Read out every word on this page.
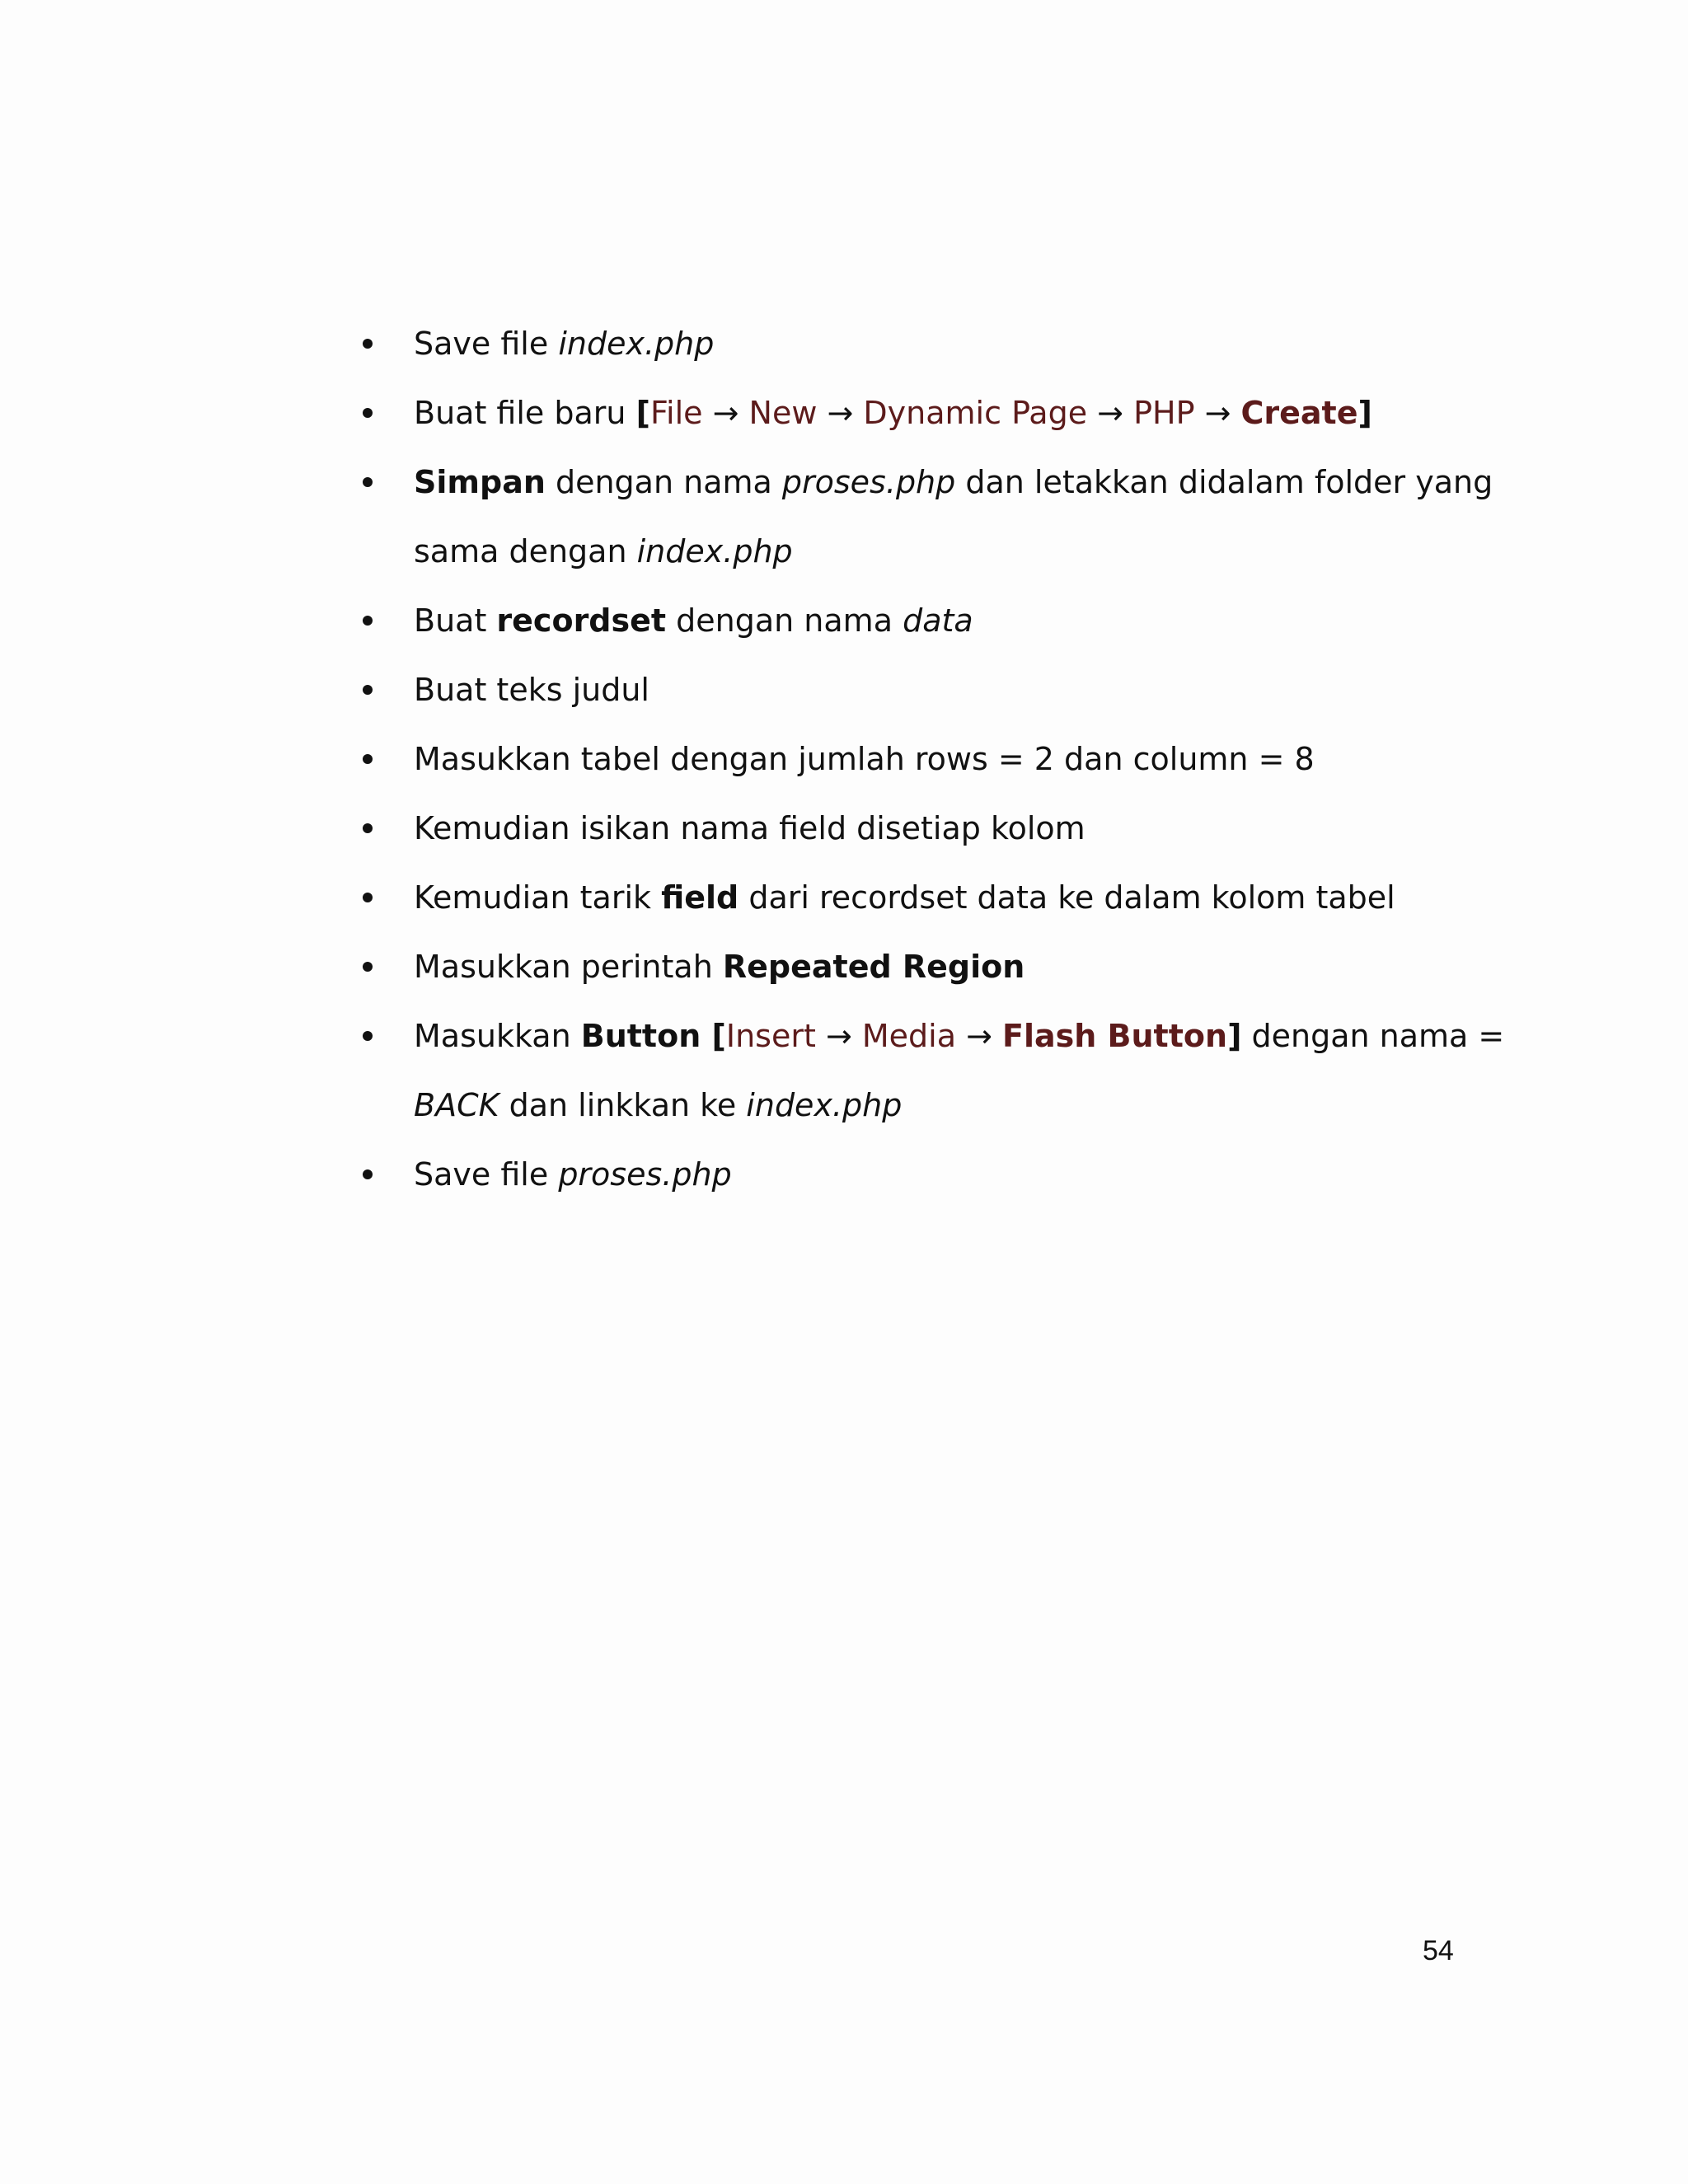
Save file index.php
Buat file baru [File → New → Dynamic Page → PHP → Create]
Simpan dengan nama proses.php dan letakkan didalam folder yang
sama dengan index.php
Buat recordset dengan nama data
Buat teks judul
Masukkan tabel dengan jumlah rows = 2 dan column = 8
Kemudian isikan nama field disetiap kolom
Kemudian tarik field dari recordset data ke dalam kolom tabel
Masukkan perintah Repeated Region
Masukkan Button [Insert → Media → Flash Button] dengan nama =
BACK dan linkkan ke index.php
Save file proses.php
54
